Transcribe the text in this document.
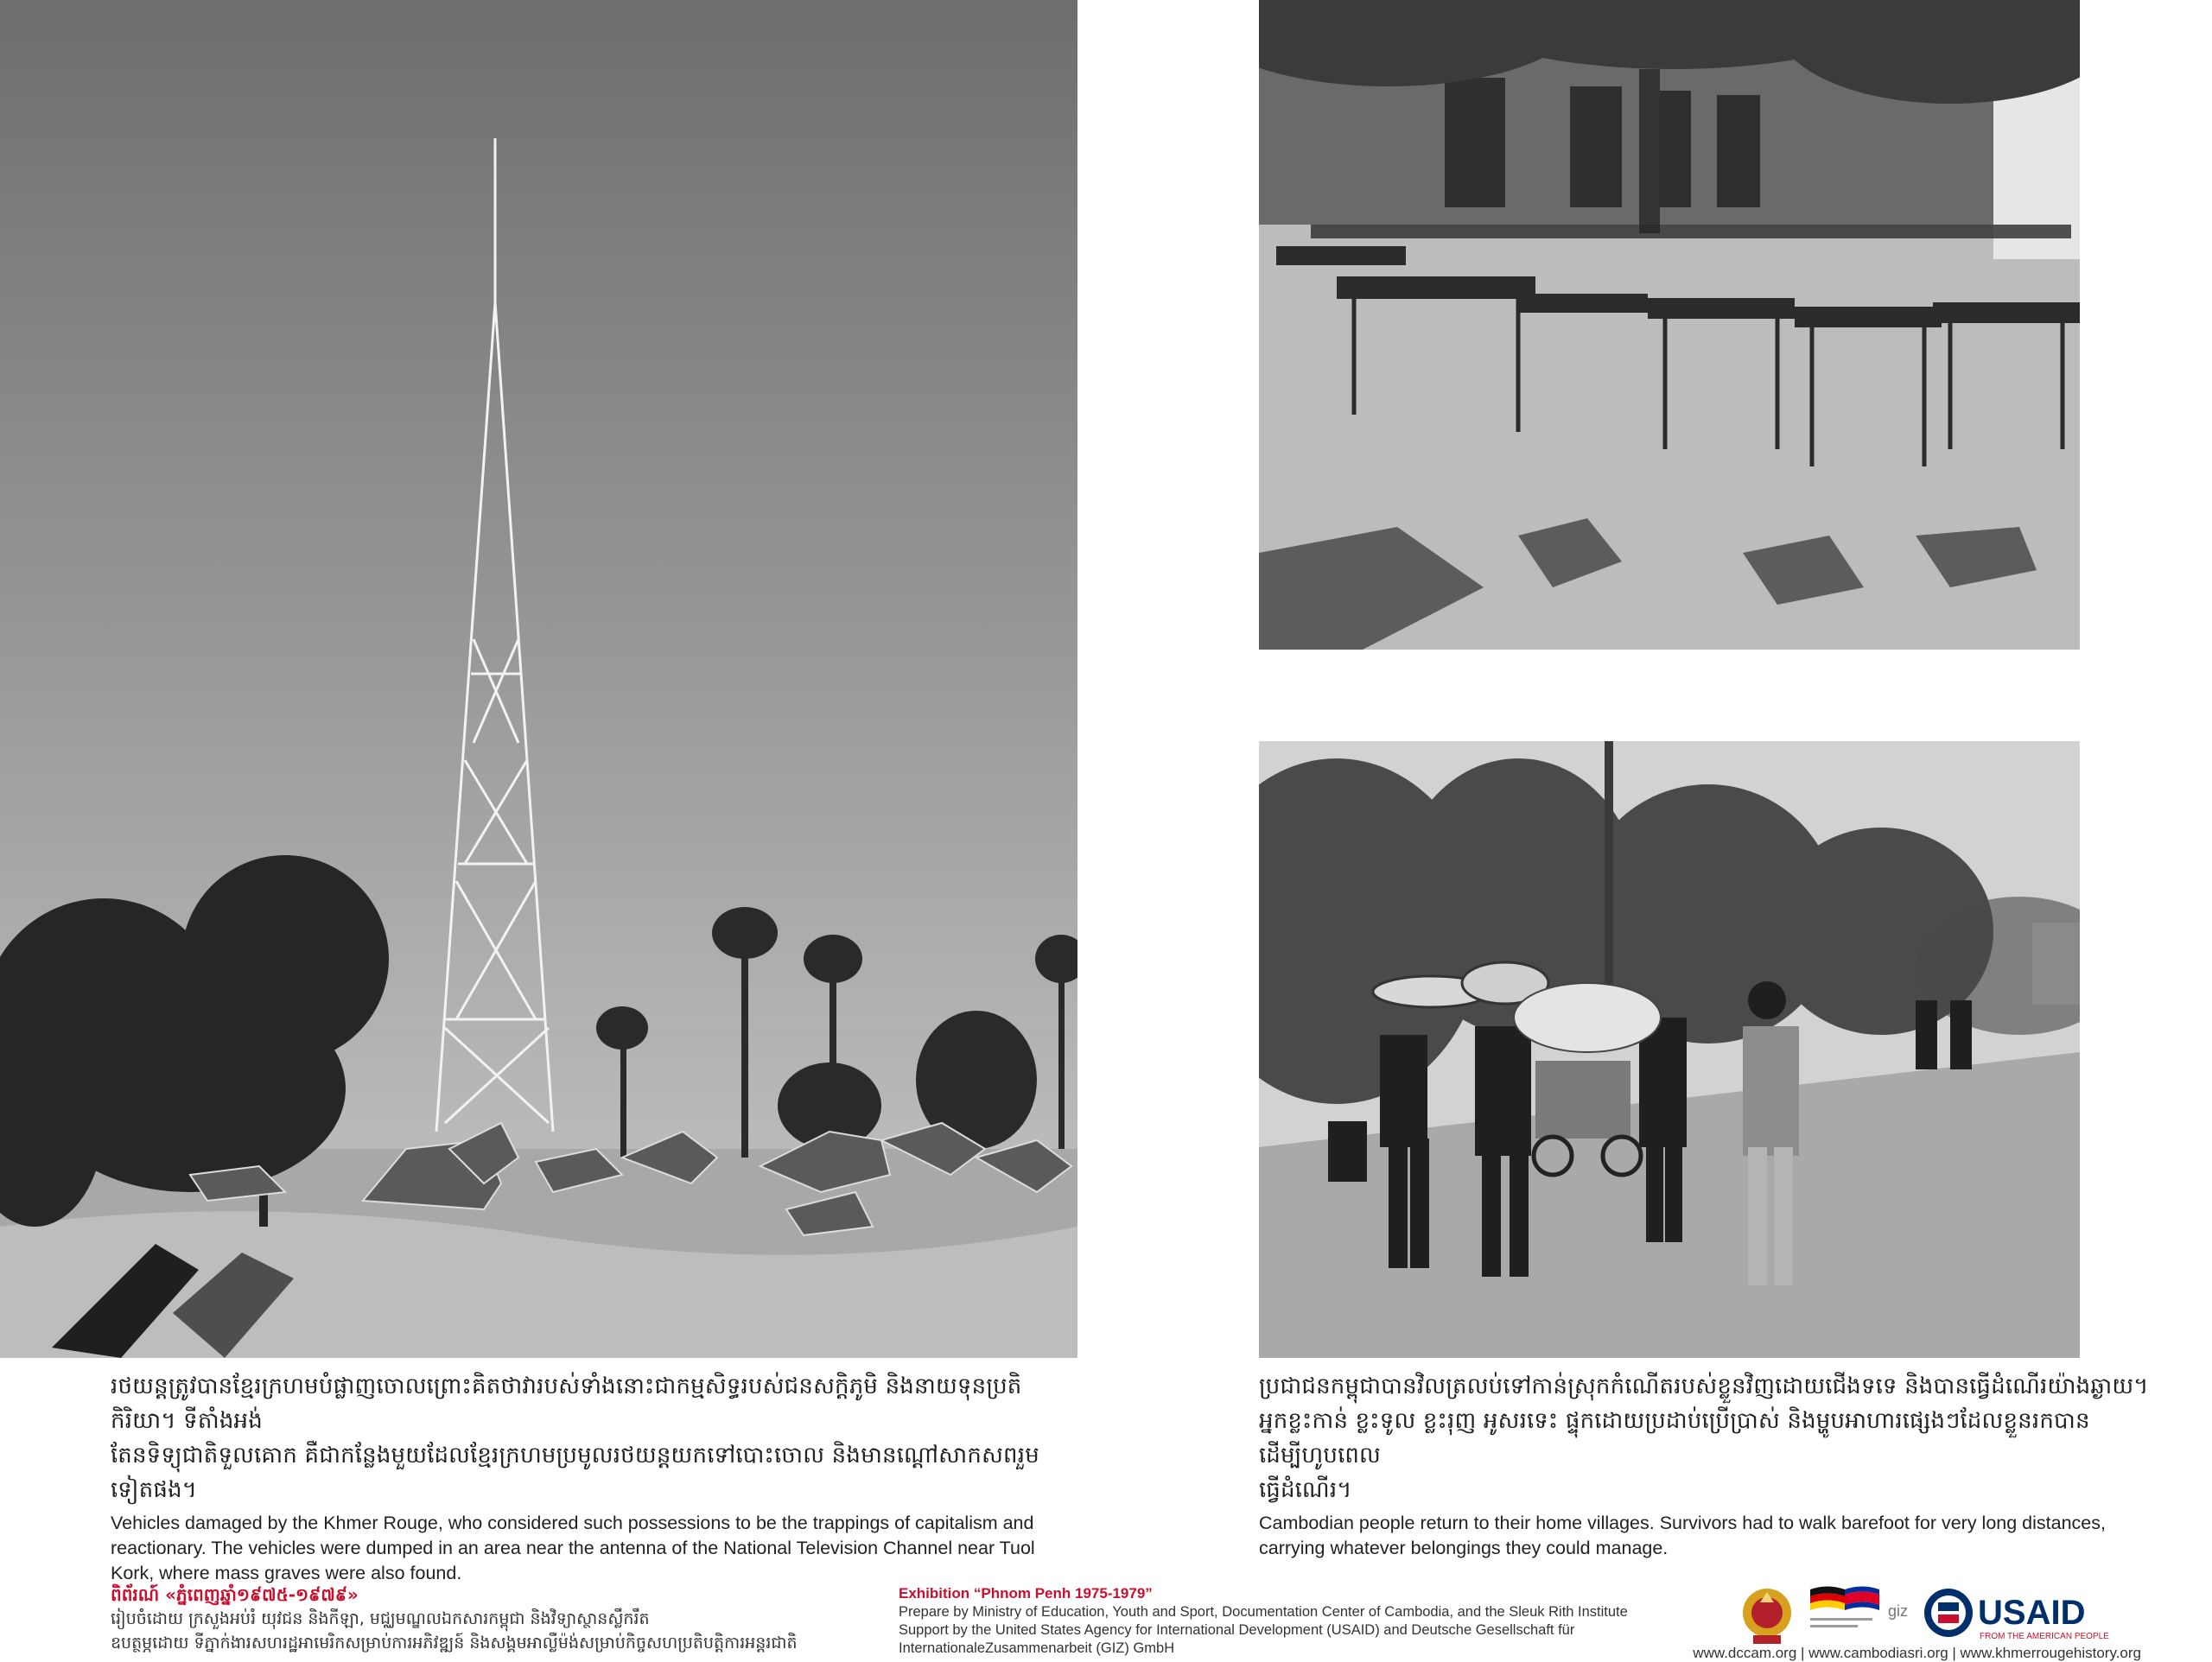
រថយន្តត្រូវបានខ្មែរក្រហមបំផ្លាញចោលព្រោះគិតថាវារបស់ទាំងនោះជាកម្មសិទ្ធរបស់ជនសក្តិភូមិ និងនាយទុនប្រតិកិរិយា។ ទីតាំងអង់
តែនទិទ្យុជាតិទួលគោក គឺជាកន្លែងមួយដែលខ្មែរក្រហមប្រមូលរថយន្តយកទៅបោះចោល និងមានណ្តៅសាកសពរួមទៀតផង។
Vehicles damaged by the Khmer Rouge, who considered such possessions to be the trappings of capitalism and reactionary. The vehicles were dumped in an area near the antenna of the National Television Channel near Tuol Kork, where mass graves were also found.
ប្រជាជនកម្ពុជាបានវិលត្រលប់ទៅកាន់ស្រុកកំណើតរបស់ខ្លួនវិញដោយជើងទទេ និងបានធ្វើដំណើរយ៉ាងឆ្ងាយ។
អ្នកខ្លះកាន់ ខ្លះទូល ខ្លះរុញ អូសរទេះ ផ្ទុកដោយប្រដាប់ប្រើប្រាស់ និងម្ហូបអាហារផ្សេងៗដែលខ្លួនរកបានដើម្បីហូបពេល
ធ្វើដំណើរ។
Cambodian people return to their home villages. Survivors had to walk barefoot for very long distances, carrying whatever belongings they could manage.
ពិព័រណ៍ «ភ្នំពេញឆ្នាំ១៩៧៥-១៩៧៩»
រៀបចំដោយ ក្រសួងអប់រំ យុវជន និងកីឡា, មជ្ឈមណ្ឌលឯកសារកម្ពុជា និងវិទ្យាស្ថានស្លឹករឹត
ឧបត្ថម្ភដោយ ទីភ្នាក់ងារសហរដ្ឋអាមេរិកសម្រាប់ការអភិវឌ្ឍន៍ និងសង្គមអាល្លឺម៉ង់សម្រាប់កិច្ចសហប្រតិបត្តិការអន្តរជាតិ
Exhibition “Phnom Penh 1975-1979”
Prepare by Ministry of Education, Youth and Sport, Documentation Center of Cambodia, and the Sleuk Rith Institute
Support by the United States Agency for International Development (USAID) and Deutsche Gesellschaft für
InternationaleZusammenarbeit (GIZ) GmbH
giz USAID
FROM THE AMERICAN PEOPLE
www.dccam.org | www.cambodiasri.org | www.khmerrougehistory.org
